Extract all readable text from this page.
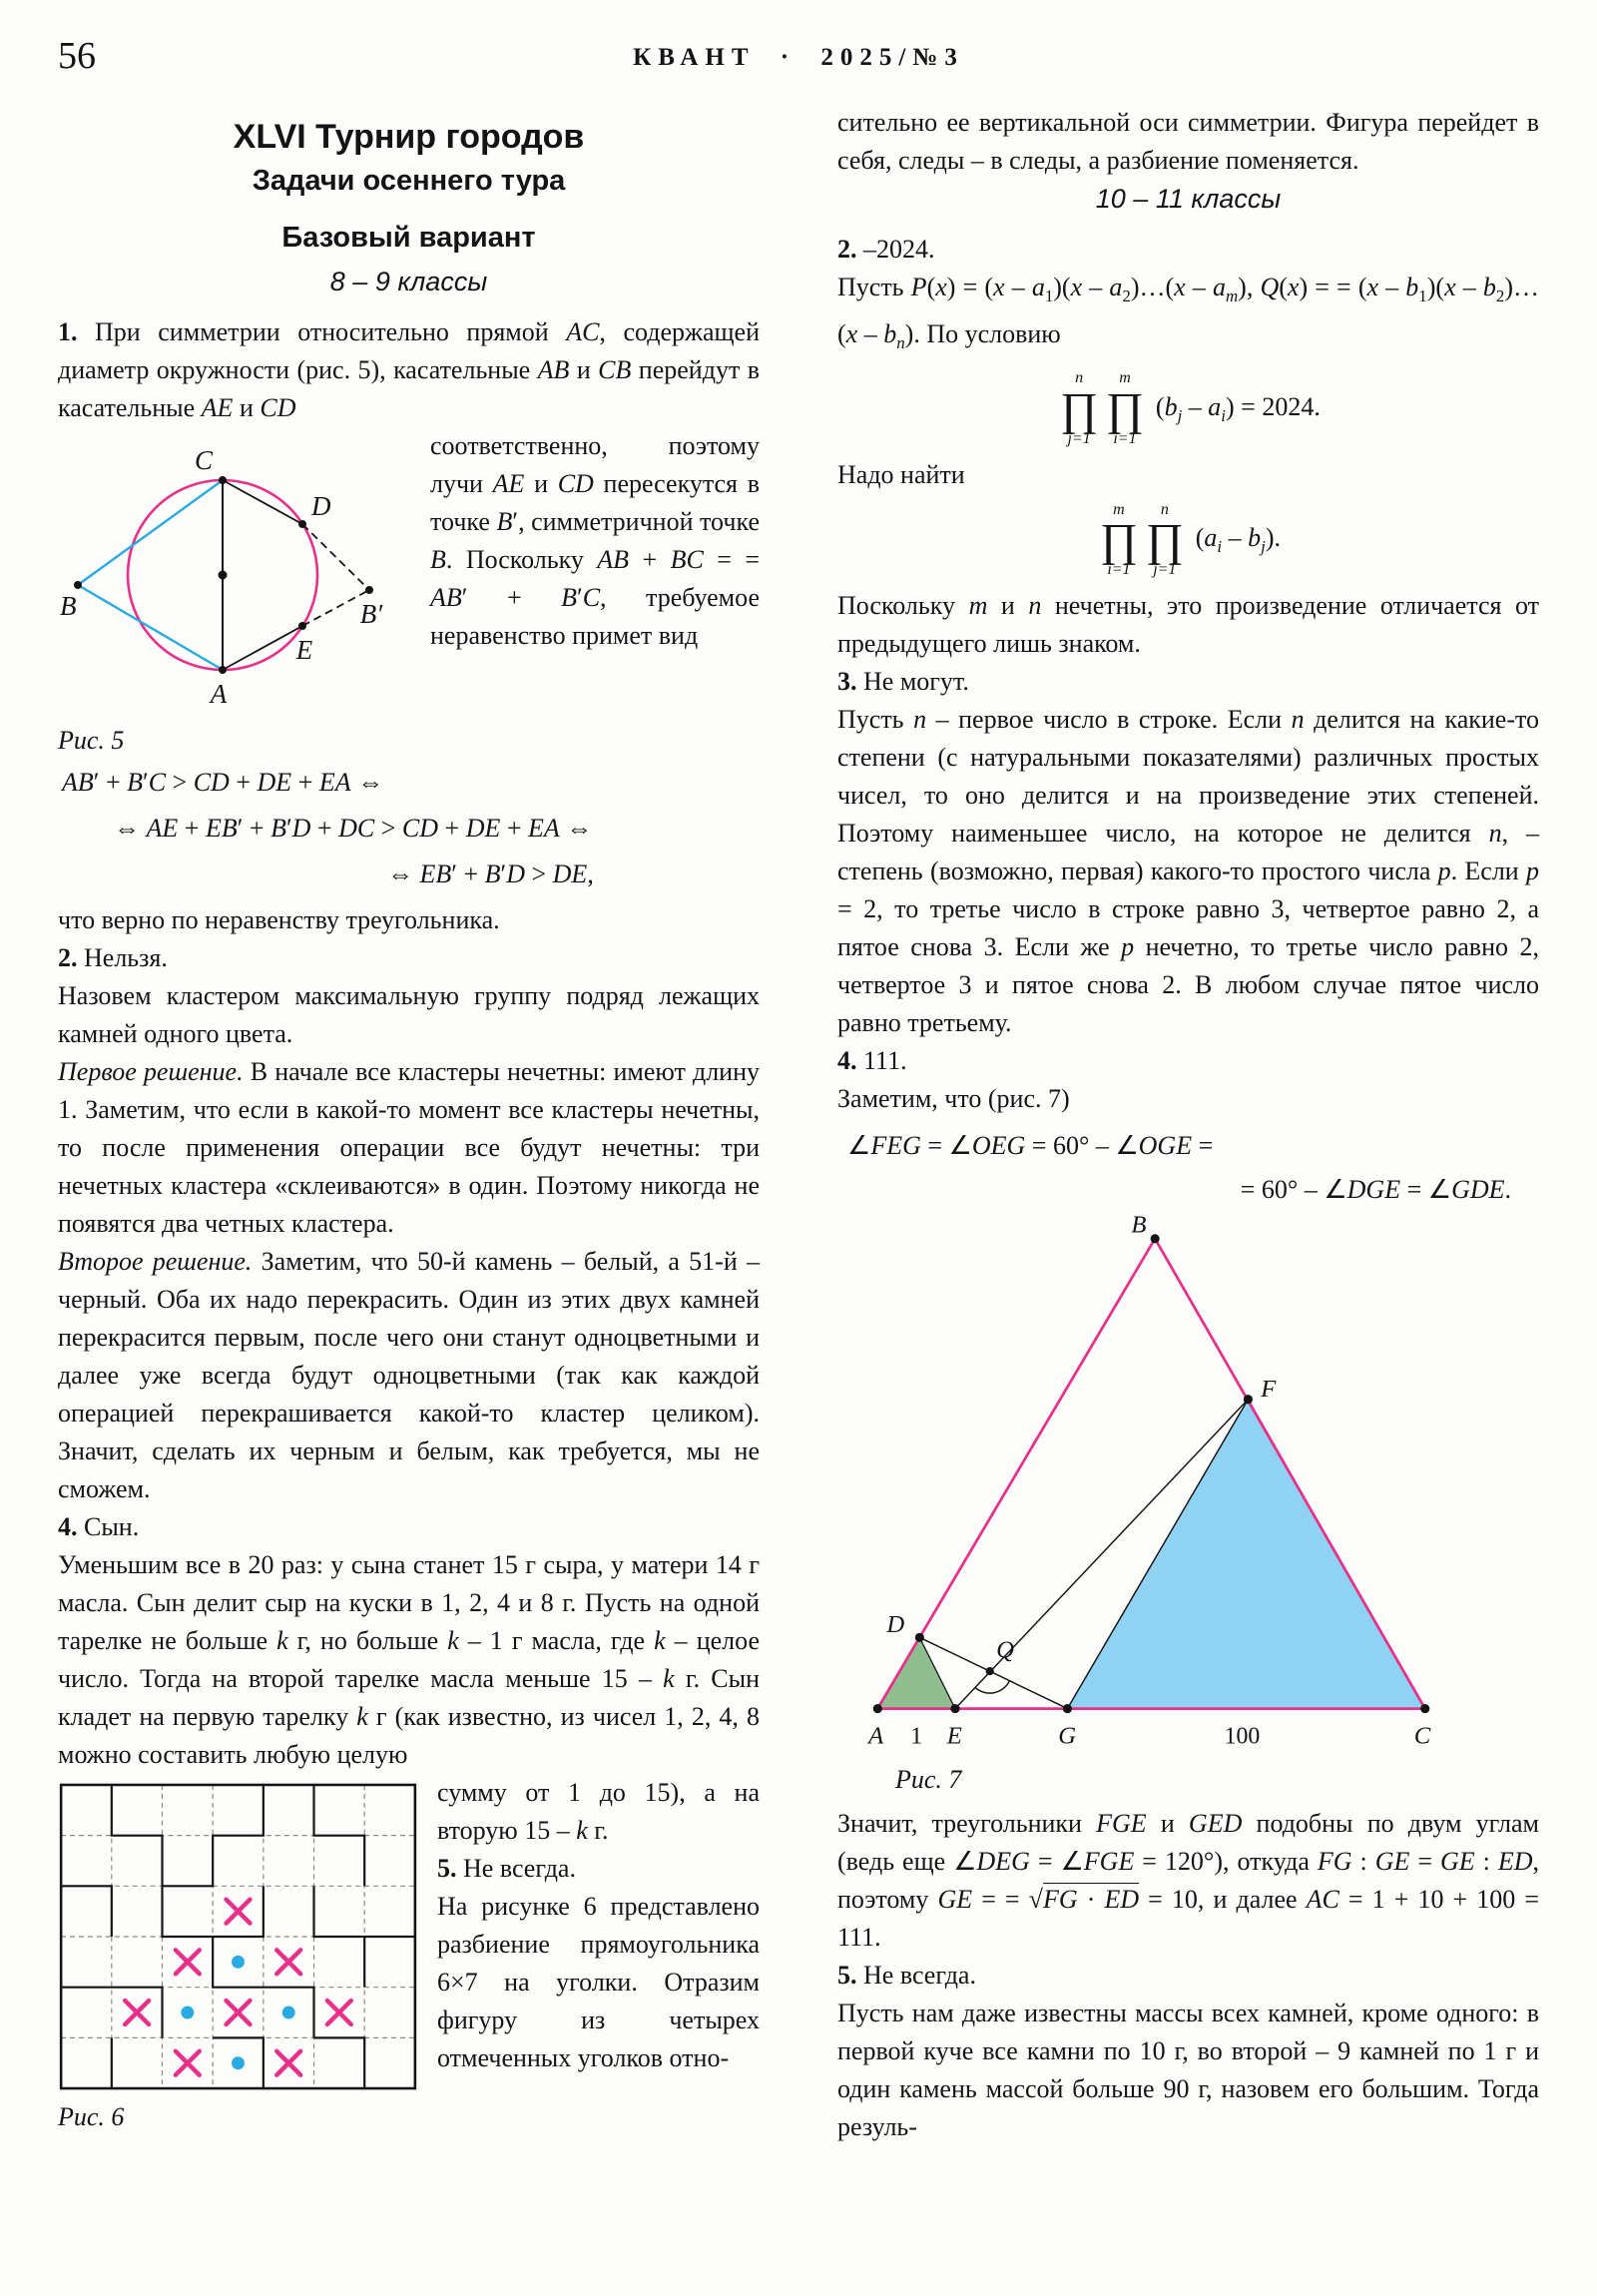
56	КВАНТ · 2025/№3
XLVI Турнир городов
Задачи осеннего тура
Базовый вариант
8 – 9 классы

1. При симметрии относительно прямой AC, содержащей диаметр окружности (рис. 5), касательные AB и CB перейдут в касательные AE и CD

C
D
B	B′
E
A
Рис. 5

соответственно, поэтому лучи AE и CD пересекутся в точке B′, симметричной точке B. Поскольку AB + BC = = AB′ + B′C, требуемое неравенство примет вид

AB′ + B′C > CD + DE + EA ⇔
⇔ AE + EB′ + B′D + DC > CD + DE + EA ⇔
⇔ EB′ + B′D > DE,

что верно по неравенству треугольника.

2. Нельзя.

Назовем кластером максимальную группу подряд лежащих камней одного цвета.

Первое решение. В начале все кластеры нечетны: имеют длину 1. Заметим, что если в какой-то момент все кластеры нечетны, то после применения операции все будут нечетны: три нечетных кластера «склеиваются» в один. Поэтому никогда не появятся два четных кластера.

Второе решение. Заметим, что 50-й камень – белый, а 51-й – черный. Оба их надо перекрасить. Один из этих двух камней перекрасится первым, после чего они станут одноцветными и далее уже всегда будут одноцветными (так как каждой операцией перекрашивается какой-то кластер целиком). Значит, сделать их черным и белым, как требуется, мы не сможем.

4. Сын.

Уменьшим все в 20 раз: у сына станет 15 г сыра, у матери 14 г масла. Сын делит сыр на куски в 1, 2, 4 и 8 г. Пусть на одной тарелке не больше k г, но больше k – 1 г масла, где k – целое число. Тогда на второй тарелке масла меньше 15 – k г. Сын кладет на первую тарелку k г (как известно, из чисел 1, 2, 4, 8 можно составить любую целую

Рис. 6

сумму от 1 до 15), а на вторую 15 – k г.

5. Не всегда.

На рисунке 6 представлено разбиение прямоугольника 6×7 на уголки. Отразим фигуру из четырех отмеченных уголков отно-

сительно ее вертикальной оси симметрии. Фигура перейдет в себя, следы – в следы, а разбиение поменяется.

10 – 11 классы

2. –2024.

Пусть $P(x) = (x - a_1)(x$ – $a_2)\dots(x - a_m)$, Q(x) = = $(x - b_1)(x$ – $b_2)\dots(x - b_n)$. По условию

n
∏
j=1
m
∏
i=1
$(b_j - a_i) = 2024$.

Надо найти

m
∏
i=1
n
∏
j=1
$(a_i - b_j)$.

Поскольку m и n нечетны, это произведение отличается от предыдущего лишь знаком.

3. Не могут.

Пусть n – первое число в строке. Если n делится на какие-то степени (с натуральными показателями) различных простых чисел, то оно делится и на произведение этих степеней. Поэтому наименьшее число, на которое не делится n, – степень (возможно, первая) какого-то простого числа p. Если p = 2, то третье число в строке равно 3, четвертое равно 2, а пятое снова 3. Если же p нечетно, то третье число равно 2, четвертое 3 и пятое снова 2. В любом случае пятое число равно третьему.

4. 111.

Заметим, что (рис. 7)

∠FEG = ∠OEG = 60° – ∠OGE =
= 60° – ∠DGE = ∠GDE.
B
F
D
Q
A 1 E	G	100	C
Рис. 7

Значит, треугольники FGE и GED подобны по двум углам (ведь еще ∠DEG = ∠FGE = 120°), откуда FG : GE = GE : ED, поэтому GE = = √FG · ED = 10, и далее AC = 1 + 10 + 100 = 111.

5. Не всегда.

Пусть нам даже известны массы всех камней, кроме одного: в первой куче все камни по 10 г, во второй – 9 камней по 1 г и один камень массой больше 90 г, назовем его большим. Тогда резуль-
